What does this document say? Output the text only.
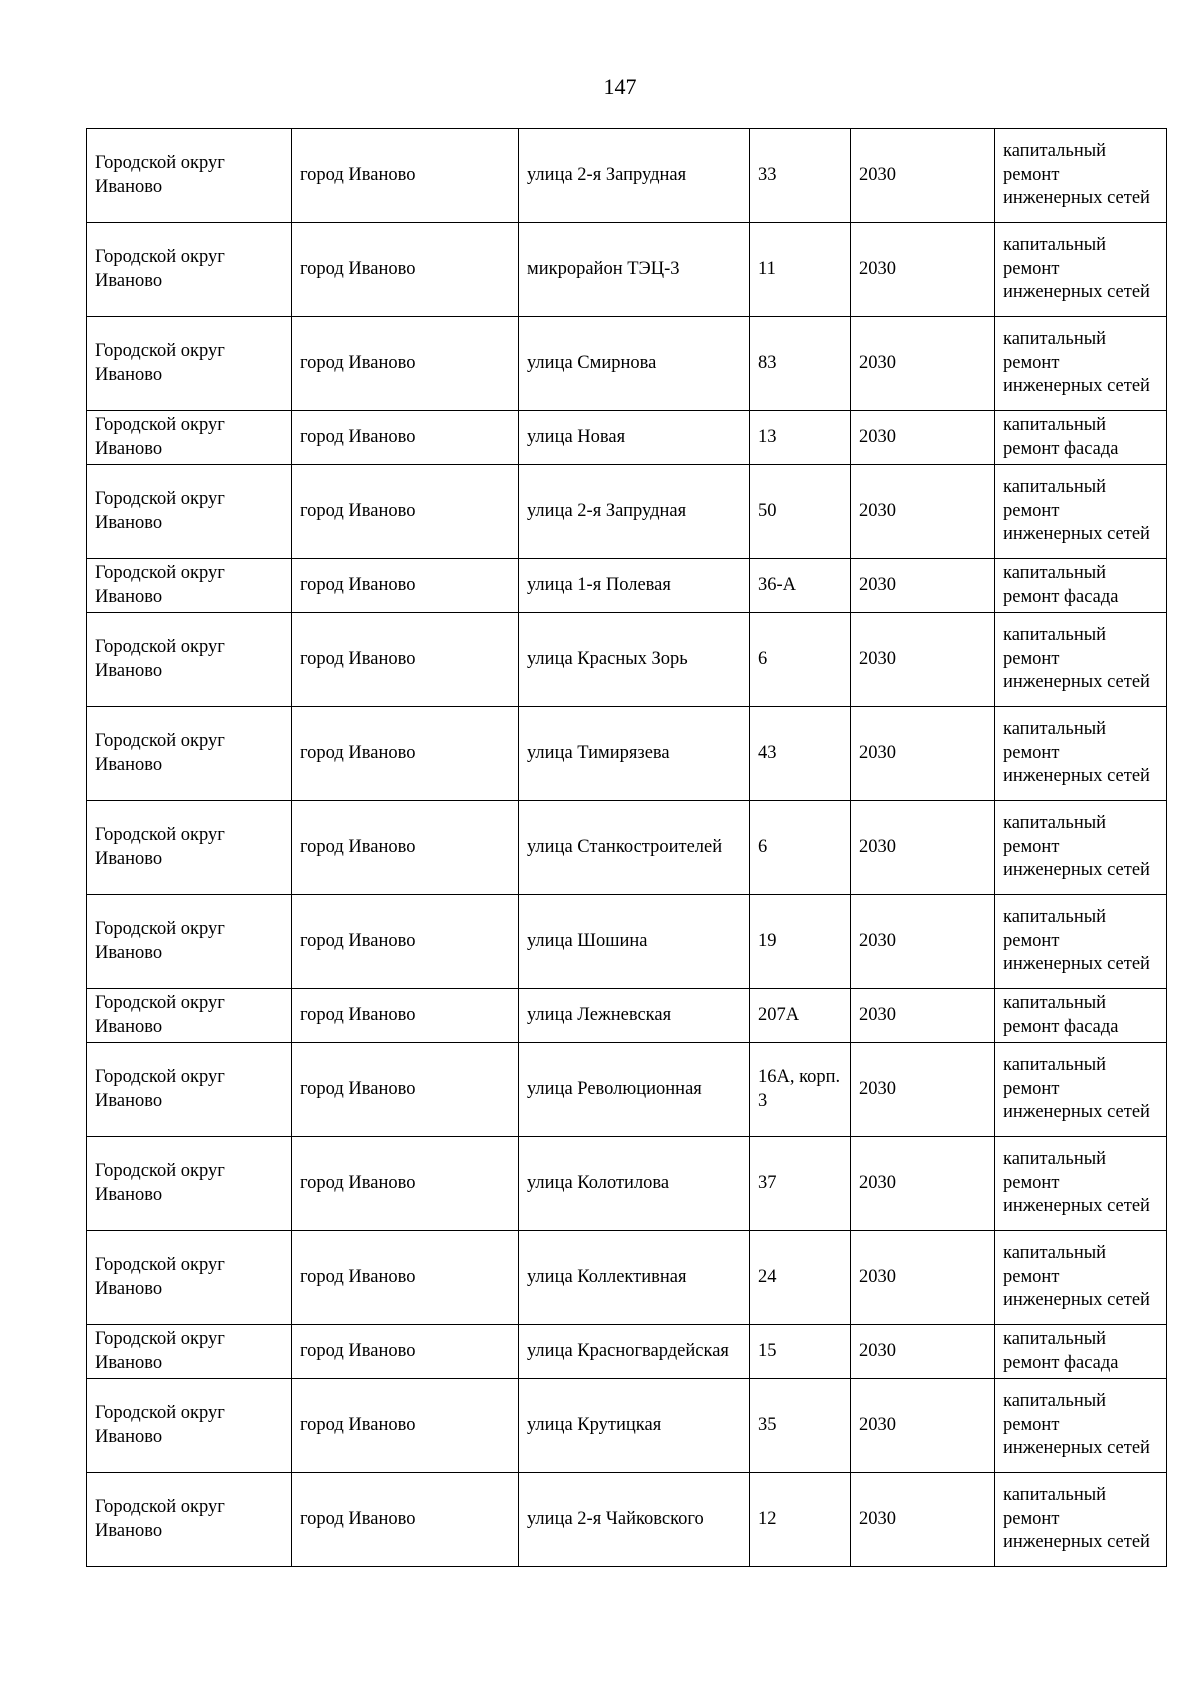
147
Городской округ Иваново	город Иваново	улица 2-я Запрудная	33	2030	капитальный ремонт инженерных сетей
Городской округ Иваново	город Иваново	микрорайон ТЭЦ-3	11	2030	капитальный ремонт инженерных сетей
Городской округ Иваново	город Иваново	улица Смирнова	83	2030	капитальный ремонт инженерных сетей
Городской округ Иваново	город Иваново	улица Новая	13	2030	капитальный ремонт фасада
Городской округ Иваново	город Иваново	улица 2-я Запрудная	50	2030	капитальный ремонт инженерных сетей
Городской округ Иваново	город Иваново	улица 1-я Полевая	36-А	2030	капитальный ремонт фасада
Городской округ Иваново	город Иваново	улица Красных Зорь	6	2030	капитальный ремонт инженерных сетей
Городской округ Иваново	город Иваново	улица Тимирязева	43	2030	капитальный ремонт инженерных сетей
Городской округ Иваново	город Иваново	улица Станкостроителей	6	2030	капитальный ремонт инженерных сетей
Городской округ Иваново	город Иваново	улица Шошина	19	2030	капитальный ремонт инженерных сетей
Городской округ Иваново	город Иваново	улица Лежневская	207А	2030	капитальный ремонт фасада
Городской округ Иваново	город Иваново	улица Революционная	16А, корп. 3	2030	капитальный ремонт инженерных сетей
Городской округ Иваново	город Иваново	улица Колотилова	37	2030	капитальный ремонт инженерных сетей
Городской округ Иваново	город Иваново	улица Коллективная	24	2030	капитальный ремонт инженерных сетей
Городской округ Иваново	город Иваново	улица Красногвардейская	15	2030	капитальный ремонт фасада
Городской округ Иваново	город Иваново	улица Крутицкая	35	2030	капитальный ремонт инженерных сетей
Городской округ Иваново	город Иваново	улица 2-я Чайковского	12	2030	капитальный ремонт инженерных сетей
